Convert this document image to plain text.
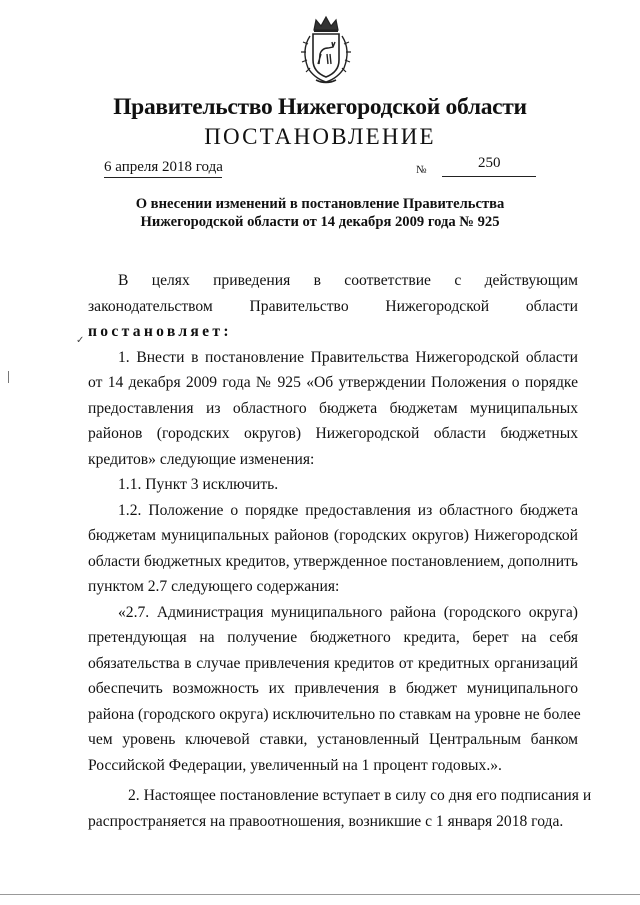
Правительство Нижегородской области
ПОСТАНОВЛЕНИЕ
6 апреля 2018 года	№	250
О внесении изменений в постановление Правительства
Нижегородской области от 14 декабря 2009 года № 925
✓
В целях приведения в соответствие с действующим
законодательством Правительство Нижегородской области
постановляет:
1. Внести в постановление Правительства Нижегородской области
от 14 декабря 2009 года № 925 «Об утверждении Положения о порядке
предоставления из областного бюджета бюджетам муниципальных
районов (городских округов) Нижегородской области бюджетных
кредитов» следующие изменения:
1.1. Пункт 3 исключить.
1.2. Положение о порядке предоставления из областного бюджета
бюджетам муниципальных районов (городских округов) Нижегородской
области бюджетных кредитов, утвержденное постановлением, дополнить
пунктом 2.7 следующего содержания:
«2.7. Администрация муниципального района (городского округа)
претендующая на получение бюджетного кредита, берет на себя
обязательства в случае привлечения кредитов от кредитных организаций
обеспечить возможность их привлечения в бюджет муниципального
района (городского округа) исключительно по ставкам на уровне не более
чем уровень ключевой ставки, установленный Центральным банком
Российской Федерации, увеличенный на 1 процент годовых.».
2. Настоящее постановление вступает в силу со дня его подписания и
распространяется на правоотношения, возникшие с 1 января 2018 года.
